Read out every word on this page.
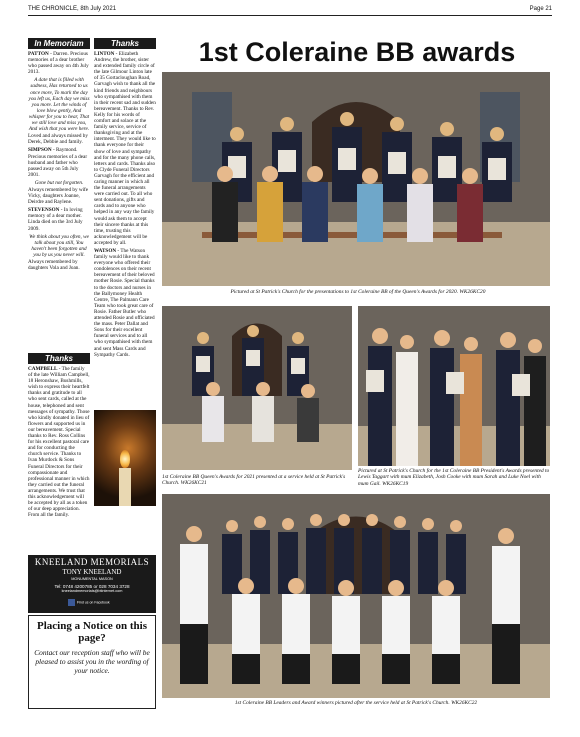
THE CHRONICLE, 8th July 2021	Page 21
In Memoriam

PATTON - Darren. Precious memories of a dear brother who passed away on 4th July 2013.

A date that is filled with sadness, Has returned to us once more, To mark the day you left us, Each day we miss you more. Let the winds of love blow gently, And whisper for you to hear, That we still love and miss you, And wish that you were here.

Loved and always missed by Derek, Debbie and family.

SIMPSON - Raymond. Precious memories of a dear husband and father who passed away on 5th July 2001.

Gone but not forgotten.

Always remembered by wife Vicky, daughters Joanne, Deirdre and Raylene.

STEVENSON - In loving memory of a dear mother. Linda died on the 3rd July 2009.

We think about you often, we talk about you still, You haven't been forgotten and you by us you never will.

Always remembered by daughters Vola and Joan.

Thanks

CAMPBELL - The family of the late William Campbell, 18 Heronshaw, Bushmills, wish to express their heartfelt thanks and gratitude to all who sent cards, called at the house, telephoned and sent messages of sympathy. Those who kindly donated in lieu of flowers and supported us in our bereavement. Special thanks to Rev. Ross Collins for his excellent pastoral care and for conducting the church service. Thanks to Ivan Murdock & Sons Funeral Directors for their compassionate and professional manner in which they carried out the funeral arrangements. We trust that this acknowledgement will be accepted by all as a token of our deep appreciation. From all the family.

Thanks

LINTON - Elizabeth Andrew, the brother, sister and extended family circle of the late Gilmour Linton late of 35 Gortacloughan Road, Garvagh wish to thank all the kind friends and neighbours who sympathised with them in their recent sad and sudden bereavement. Thanks to Rev. Kelly for his words of comfort and solace at the family service, service of thanksgiving and at the interment. They would like to thank everyone for their show of love and sympathy and for the many phone calls, letters and cards. Thanks also to Clyde Funeral Directors Garvagh for the efficient and caring manner in which all the funeral arrangements were carried out. To all who sent donations, gifts and cards and to anyone who helped in any way the family would ask them to accept their sincere thanks at this time, trusting this acknowledgement will be accepted by all.

WATSON - The Watson family would like to thank everyone who offered their condolences on their recent bereavement of their beloved mother Rosie. Special thanks to the doctors and nurses in the Ballymoney Health Centre, The Palmann Care Team who took great care of Rosie. Father Butler who attended Rosie and officiated the mass. Peter Dallat and Sons for their excellent funeral services and to all who sympathised with them and sent Mass Cards and Sympathy Cards.

KNEELAND MEMORIALS
TONY KNEELAND
MONUMENTAL MASON
Tel: 0748 4200785 or 028 7034 3728
kneelandmemorials@btinternet.com
Find us on Facebook
Placing a Notice on this page?
Contact our reception staff who will be pleased to assist you in the wording of your notice.
1st Coleraine BB awards
Pictured at St Patrick's Church for the presentations to 1st Coleraine BB of the Queen's Awards for 2020. WK26KC20
1st Coleraine BB Queen's Awards for 2021 presented at a service held at St Patrick's Church. WK26KC21
Pictured at St Patrick's Church for the 1st Coleraine BB President's Awards presented to Lewis Taggart with mum Elizabeth, Josh Cooke with mum Sarah and Luke Noel with mum Gail. WK26KC19
1st Coleraine BB Leaders and Award winners pictured after the service held at St Patrick's Church. WK26KC22
